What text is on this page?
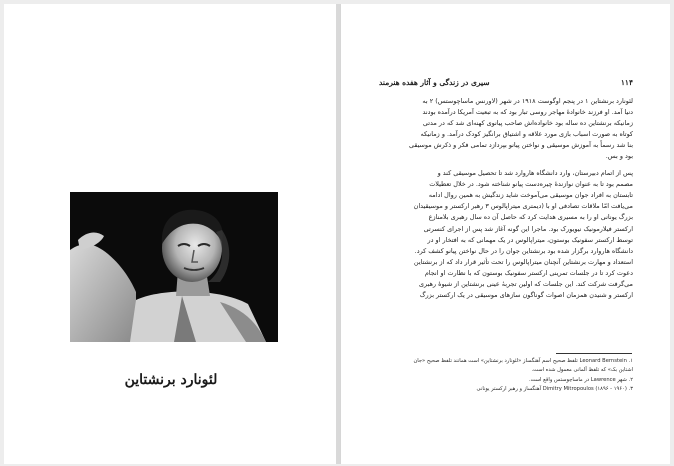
لئونارد برنشتاین
۱۱۴
سیری در زندگی و آثار هفده هنرمند

لئونارد برنشتاین ۱ در پنجم اوگوست ۱۹۱۸ در شهر (لاورنس ماساچوستس) ۲ به

دنیا آمد. او فرزند خانوادهٔ مهاجر روسی تبار بود که به تبعیت آمریکا درآمده بودند

زمانیکه برنشتاین ده ساله بود خانواده‌اش صاحب پیانوی کهنه‌ای شد که در مدتی

کوتاه به صورت اسباب بازی مورد علاقه و اشتیاق برانگیز کودک درآمد. و زمانیکه

بنا شد رسماً به آموزش موسیقی و نواختن پیانو بپردازد تمامی فکر و ذکرش موسیقی

بود و بس.

پس از اتمام دبیرستان، وارد دانشگاه هاروارد شد تا تحصیل موسیقی کند و

مصمم بود تا به عنوان نوازندهٔ چیره‌دست پیانو شناخته شود. در خلال تعطیلات

تابستان به افراد جوان موسیقی می‌آموخت شاید زندگیش به همین روال ادامه

می‌یافت امّا ملاقات تصادفی او با (دیمتری میتراپالوس ۳ رهبر ارکستر و موسیقیدان

بزرگ یونانی او را به مسیری هدایت کرد که حاصل آن ده سال رهبری بلامنازع

ارکستر فیلارمونیک نیویورک بود. ماجرا این گونه آغاز شد پس از اجرای کنسرتی

توسط ارکستر سفونیک بوستون، میتراپالوس در یک مهمانی که به افتخار او در

دانشگاه هاروارد برگزار شده بود برنشتاین جوان را در حال نواختن پیانو کشف کرد.

استعداد و مهارت برنشتاین آنچنان میتراپالوس را تحت تأثیر قرار داد که از برنشتاین

دعوت کرد تا در جلسات تمرینی ارکستر سفونیک بوستون که با نظارت او انجام

می‌گرفت شرکت کند. این جلسات که اولین تجربهٔ عینی برنشتاین از شیوهٔ رهبری

ارکستر و شنیدن همزمان اصوات گوناگون سازهای موسیقی در یک ارکستر بزرگ

۱. Leonard Bernstein تلفظ صحیح اسم آهنگساز «لئونارد برنشتاین» است همانند تلفظ صحیح «جان

اشتاین بک» که تلفظ آلمانی معمول شده است.

۲. شهر Lawrence در ماساچوستس واقع است.

۳. Dimitry Mitropoulos (۱۸۹۶ - ۱۹۶۰) آهنگساز و رهبر ارکستر یونانی
